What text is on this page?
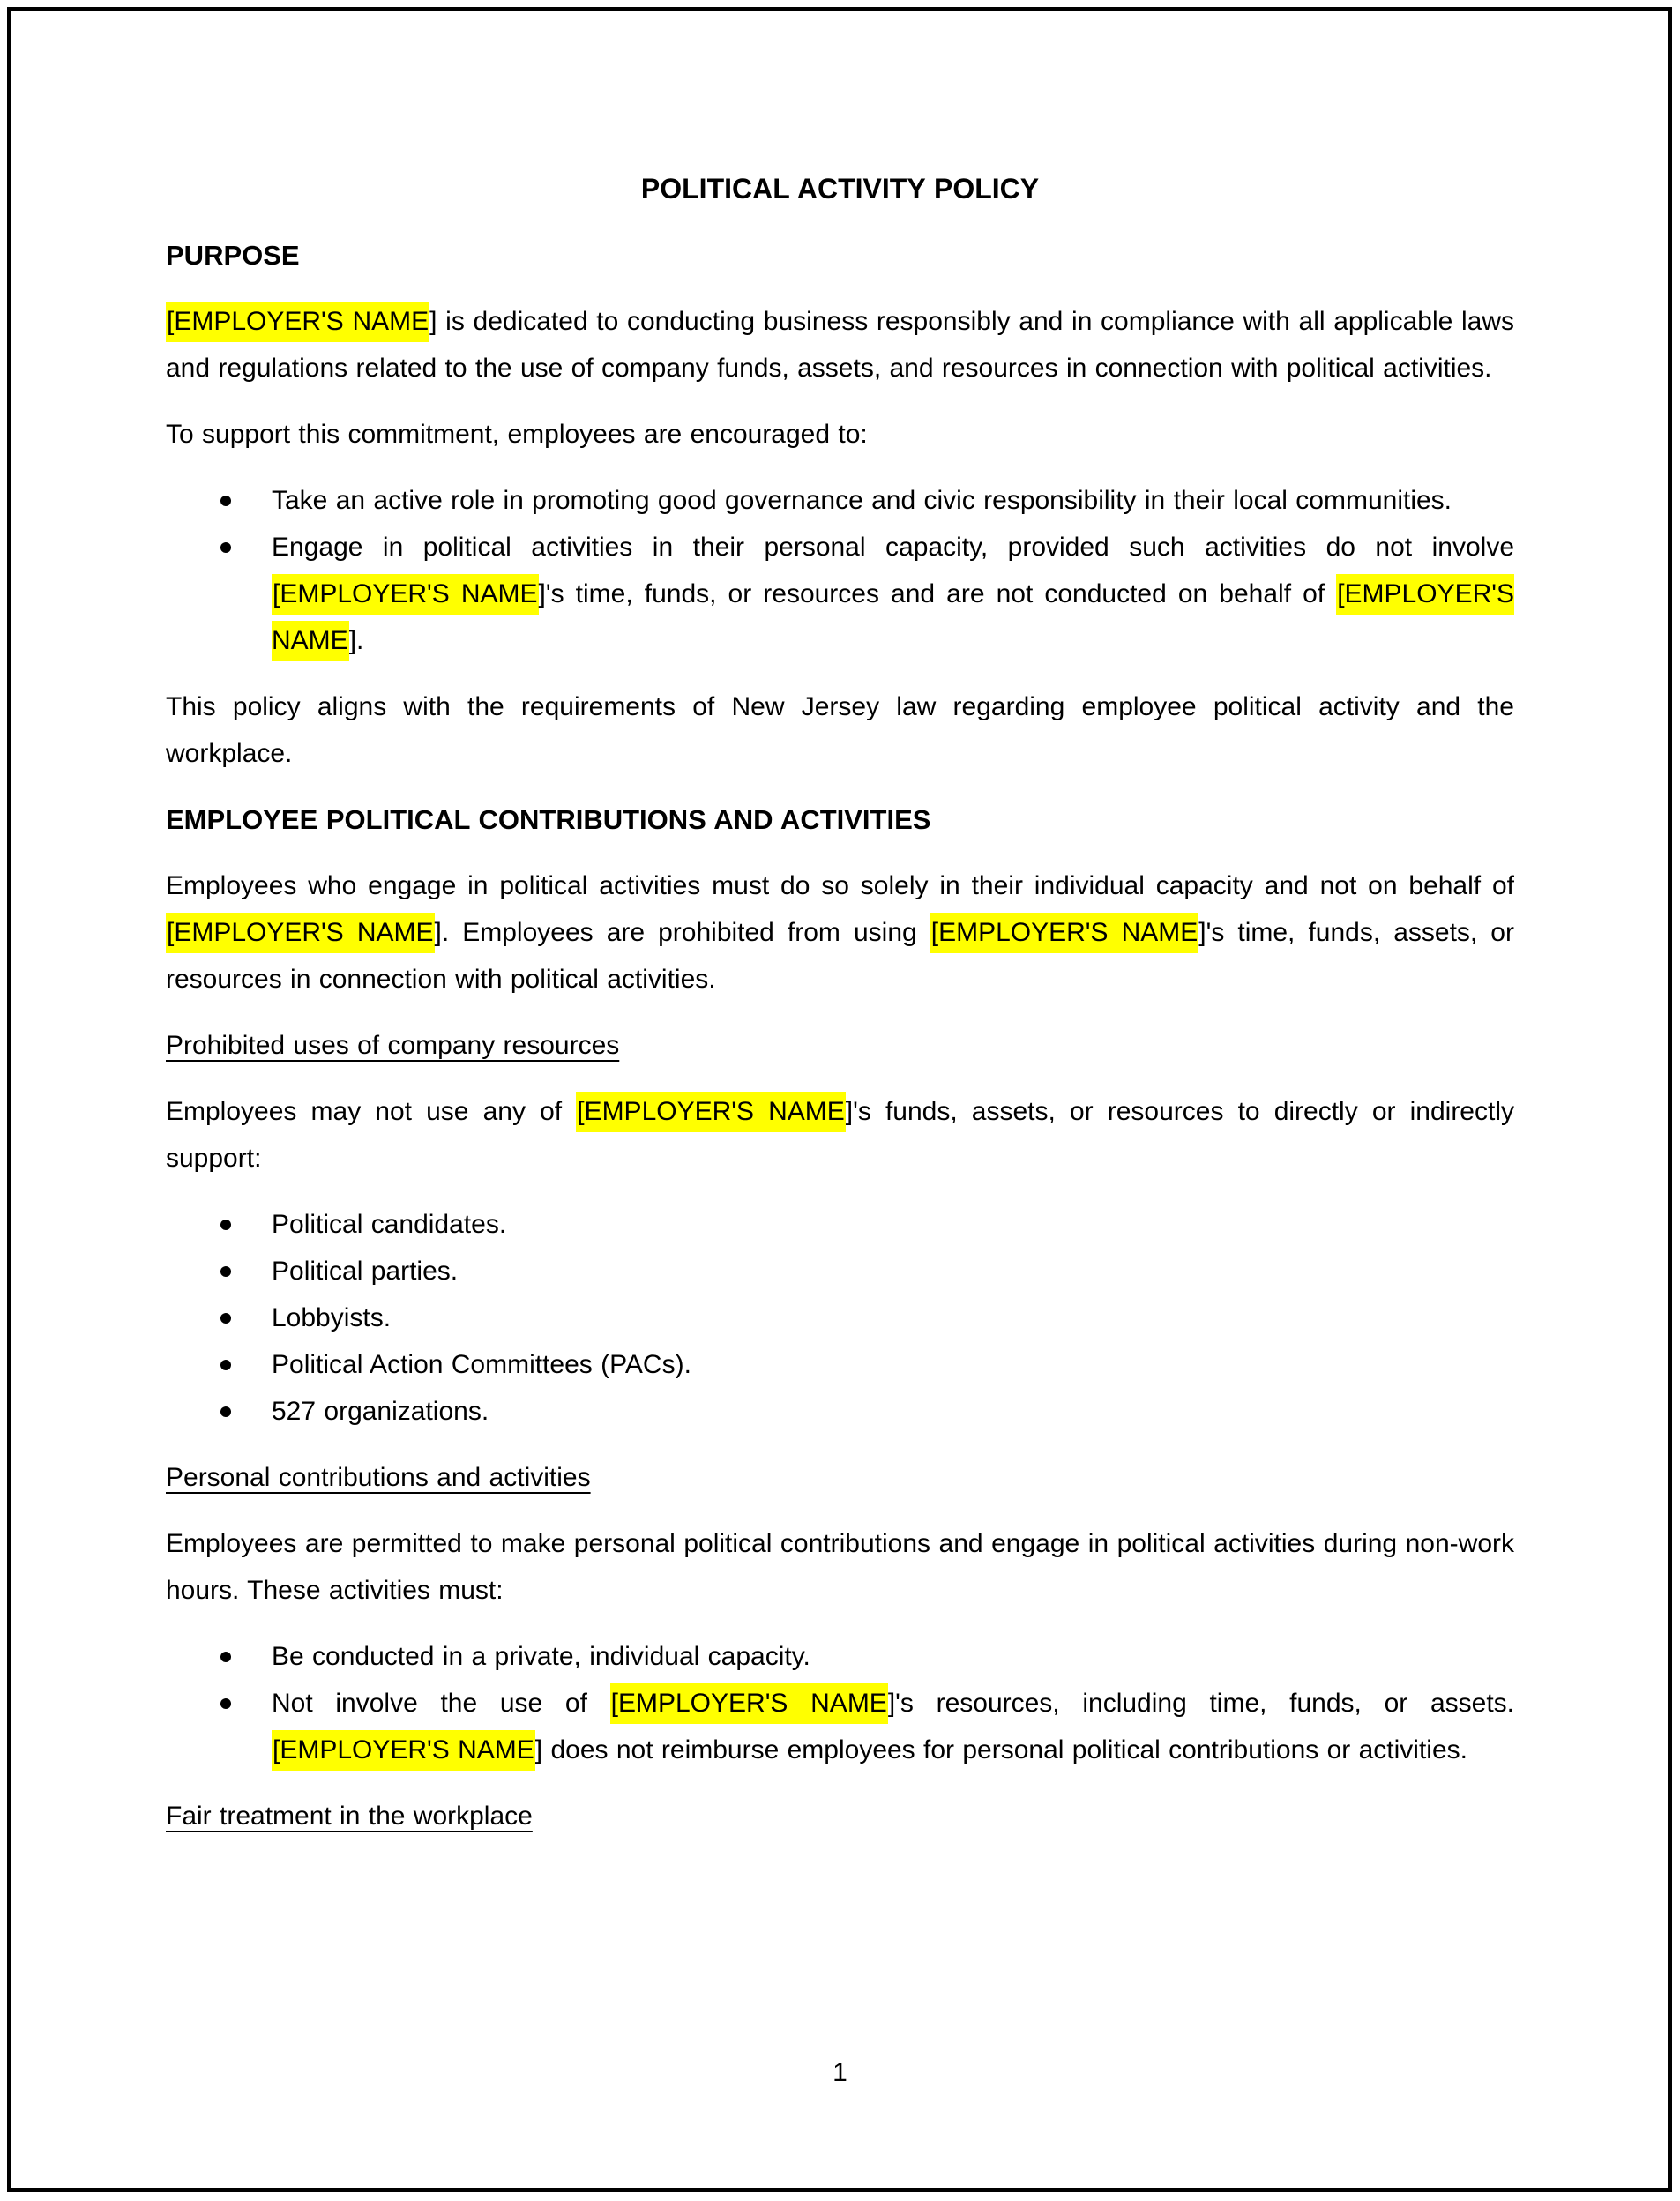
POLITICAL ACTIVITY POLICY

PURPOSE

[EMPLOYER'S NAME] is dedicated to conducting business responsibly and in compliance with all applicable laws and regulations related to the use of company funds, assets, and resources in connection with political activities.

To support this commitment, employees are encouraged to:

Take an active role in promoting good governance and civic responsibility in their local communities.
Engage in political activities in their personal capacity, provided such activities do not involve [EMPLOYER'S NAME]'s time, funds, or resources and are not conducted on behalf of [EMPLOYER'S NAME].

This policy aligns with the requirements of New Jersey law regarding employee political activity and the workplace.

EMPLOYEE POLITICAL CONTRIBUTIONS AND ACTIVITIES

Employees who engage in political activities must do so solely in their individual capacity and not on behalf of [EMPLOYER'S NAME]. Employees are prohibited from using [EMPLOYER'S NAME]'s time, funds, assets, or resources in connection with political activities.

Prohibited uses of company resources

Employees may not use any of [EMPLOYER'S NAME]'s funds, assets, or resources to directly or indirectly support:

Political candidates.
Political parties.
Lobbyists.
Political Action Committees (PACs).
527 organizations.

Personal contributions and activities

Employees are permitted to make personal political contributions and engage in political activities during non-work hours. These activities must:

Be conducted in a private, individual capacity.
Not involve the use of [EMPLOYER'S NAME]'s resources, including time, funds, or assets. [EMPLOYER'S NAME] does not reimburse employees for personal political contributions or activities.

Fair treatment in the workplace

1
